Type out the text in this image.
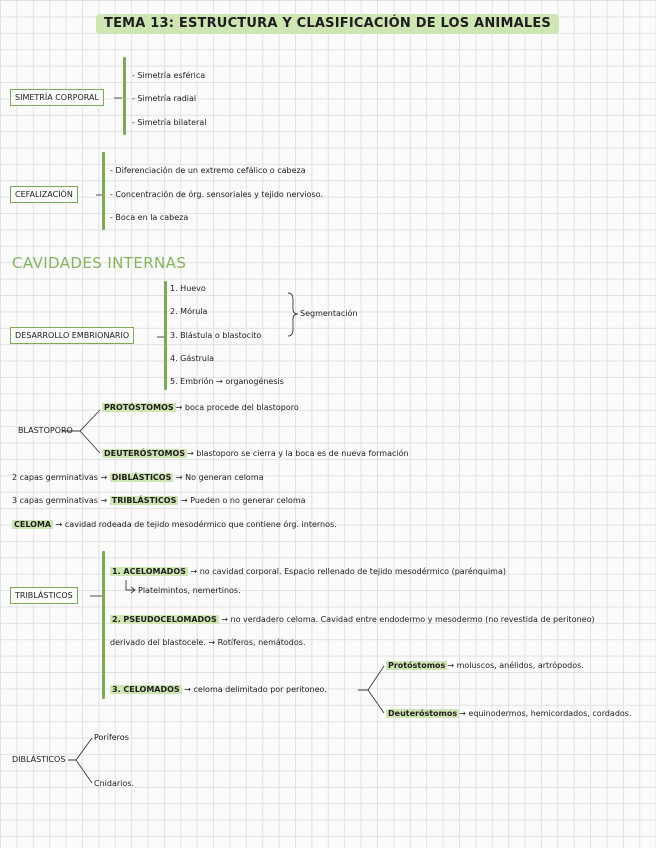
TEMA 13: ESTRUCTURA Y CLASIFICACIÓN DE LOS ANIMALES
SIMETRÍA CORPORAL
- Simetría esférica
- Simetría radial
- Simetría bilateral
CEFALIZACIÓN
- Diferenciación de un extremo cefálico o cabeza
- Concentración de órg. sensoriales y tejido nervioso.
- Boca en la cabeza
CAVIDADES INTERNAS
DESARROLLO EMBRIONARIO
1. Huevo
2. Mórula
3. Blástula o blastocito
4. Gástrula
5. Embrión → organogénesis
Segmentación
BLASTOPORO
PROTÓSTOMOS → boca procede del blastoporo
DEUTERÓSTOMOS → blastoporo se cierra y la boca es de nueva formación
2 capas germinativas → DIBLÁSTICOS → No generan celoma
3 capas germinativas → TRIBLÁSTICOS → Pueden o no generar celoma
CELOMA → cavidad rodeada de tejido mesodérmico que contiene órg. internos.
TRIBLÁSTICOS
1. ACELOMADOS → no cavidad corporal. Espacio rellenado de tejido mesodérmico (parénquima)
Platelmintos, nemertinos.
2. PSEUDOCELOMADOS → no verdadero celoma. Cavidad entre endodermo y mesodermo (no revestida de peritoneo)
derivado del blastocele. → Rotíferos, nemátodos.
3. CELOMADOS → celoma delimitado por peritoneo.
Protóstomos → moluscos, anélidos, artrópodos.
Deuteróstomos → equinodermos, hemicordados, cordados.
DIBLÁSTICOS
Poríferos
Cnidarios.
